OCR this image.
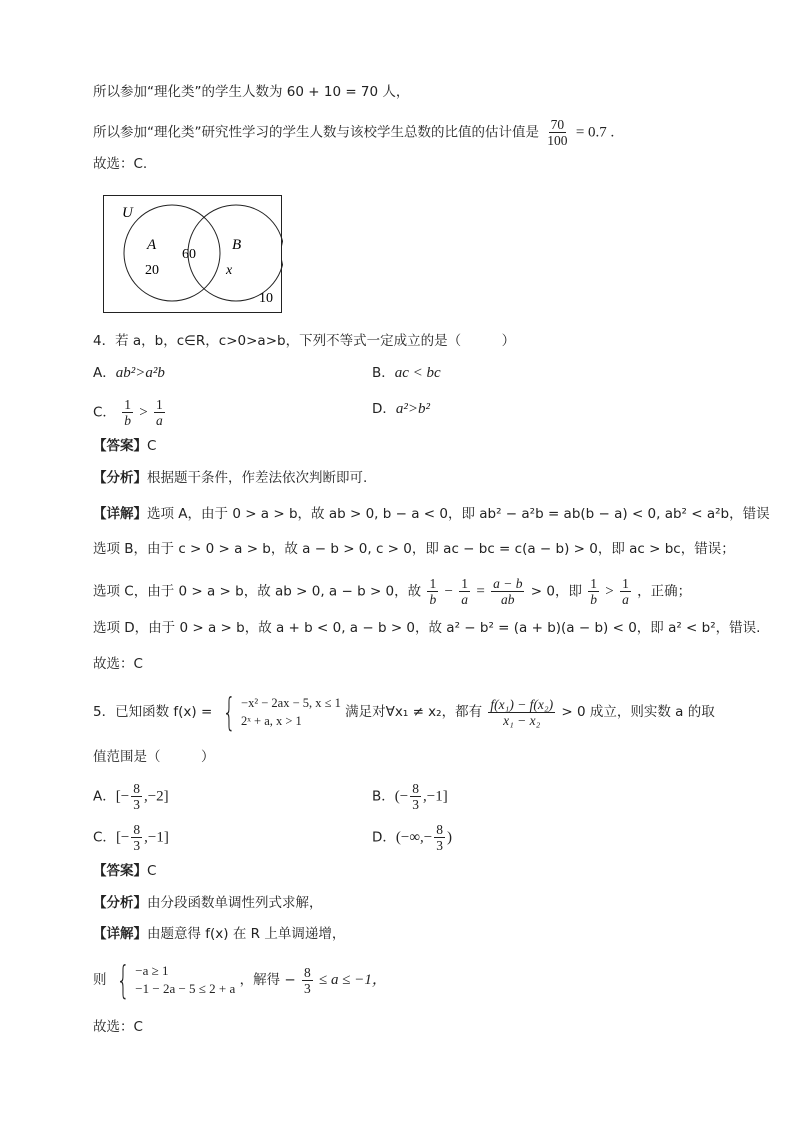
所以参加“理化类”的学生人数为 60 + 10 = 70 人，
所以参加“理化类”研究性学习的学生人数与该校学生总数的比值的估计值是 $\frac{70}{100} = 0.7$ .
故选：C.
U
A	B
20
60
x
10
4．若 a，b，c∈R，c>0>a>b，下列不等式一定成立的是（　　　）
A．ab²>a²b	B．ac < bc
C． $\frac{1}{b} > \frac{1}{a}$	D．a²>b²
【答案】C
【分析】根据题干条件，作差法依次判断即可.
【详解】选项 A，由于 0 > a > b，故 ab > 0, b − a < 0，即 ab² − a²b = ab(b − a) < 0, ab² < a²b，错误
选项 B，由于 c > 0 > a > b，故 a − b > 0, c > 0，即 ac − bc = c(a − b) > 0，即 ac > bc，错误；
选项 C，由于 0 > a > b，故 ab > 0, a − b > 0，故 $\frac{1}{b} - \frac{1}{a} = \frac{a - b}{ab} > 0$，即 $\frac{1}{b} > \frac{1}{a}$ ，正确；
选项 D，由于 0 > a > b，故 a + b < 0, a − b > 0，故 a² − b² = (a + b)(a − b) < 0，即 a² < b²，错误.
故选：C
5．已知函数 f(x) = { −x² − 2ax − 5, x ≤ 1
2ˣ + a, x > 1
满足对∀x₁ ≠ x₂，都有 $\frac{\text{f(x₁) − f(x₂)}}{\text{x₁ − x₂}} > 0$ 成立，则实数 a 的取
值范围是（　　　）
A．[− $\frac{8}{3} ,-2$]	B．(− $\frac{8}{3} ,-1$]
C．[− $\frac{8}{3} ,-1$]	D．(−∞,− $\frac{8}{3}$ )
【答案】C
【分析】由分段函数单调性列式求解，
【详解】由题意得 f(x) 在 R 上单调递增，
则 { −a ≥ 1
−1 − 2a − 5 ≤ 2 + a
，解得 − $\frac{8}{3} \le a \le -1$，
故选：C
